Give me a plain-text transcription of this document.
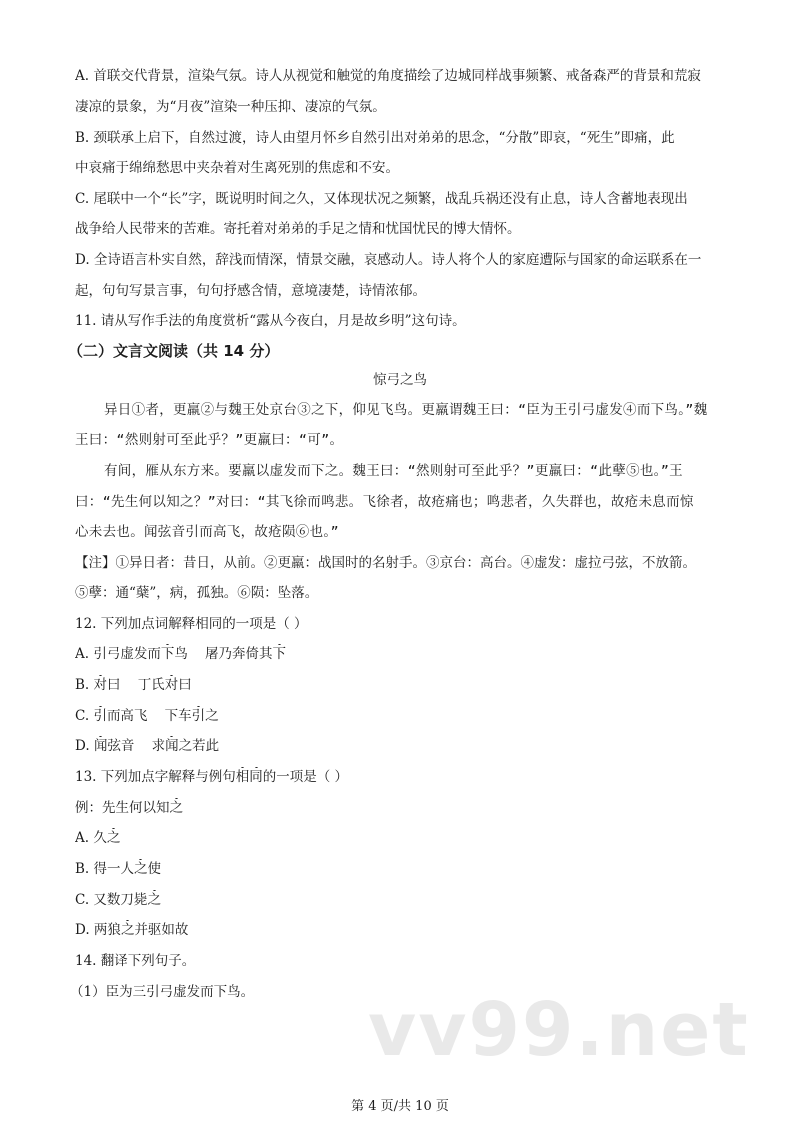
A. 首联交代背景，渲染气氛。诗人从视觉和触觉的角度描绘了边城同样战事频繁、戒备森严的背景和荒寂
凄凉的景象，为“月夜”渲染一种压抑、凄凉的气氛。
B. 颈联承上启下，自然过渡，诗人由望月怀乡自然引出对弟弟的思念，“分散”即哀，“死生”即痛，此
中哀痛于绵绵愁思中夹杂着对生离死别的焦虑和不安。
C. 尾联中一个“长”字，既说明时间之久，又体现状况之频繁，战乱兵祸还没有止息，诗人含蓄地表现出
战争给人民带来的苦难。寄托着对弟弟的手足之情和忧国忧民的博大情怀。
D. 全诗语言朴实自然，辞浅而情深，情景交融，哀感动人。诗人将个人的家庭遭际与国家的命运联系在一
起，句句写景言事，句句抒感含情，意境凄楚，诗情浓郁。
11. 请从写作手法的角度赏析“露从今夜白，月是故乡明”这句诗。
（二）文言文阅读（共 14 分）
惊弓之鸟
异日①者，更羸②与魏王处京台③之下，仰见飞鸟。更羸谓魏王曰：“臣为王引弓虚发④而下鸟。”魏
王曰：“然则射可至此乎？”更羸曰：“可”。
有间，雁从东方来。要羸以虚发而下之。魏王曰：“然则射可至此乎？”更羸曰：“此孽⑤也。”王
曰：“先生何以知之？”对曰：“其飞徐而鸣悲。飞徐者，故疮痛也；鸣悲者，久失群也，故疮未息而惊
心未去也。闻弦音引而高飞，故疮陨⑥也。”
【注】①异日者：昔日，从前。②更羸：战国时的名射手。③京台：高台。④虚发：虚拉弓弦，不放箭。
⑤孽：通“蘖”，病，孤独。⑥陨：坠落。
12. 下列加点词解释相同的一项是（ ）
A. 引弓虚发而下鸟 屠乃奔倚其下
B. 对曰 丁氏对曰
C. 引而高飞 下车引之
D. 闻弦音 求闻之若此
13. 下列加点字解释与例句相同的一项是（ ）
例：先生何以知之
A. 久之
B. 得一人之使
C. 又数刀毙之
D. 两狼之并驱如故
14. 翻译下列句子。
（1）臣为三引弓虚发而下鸟。	vv99.net
第 4 页/共 10 页
